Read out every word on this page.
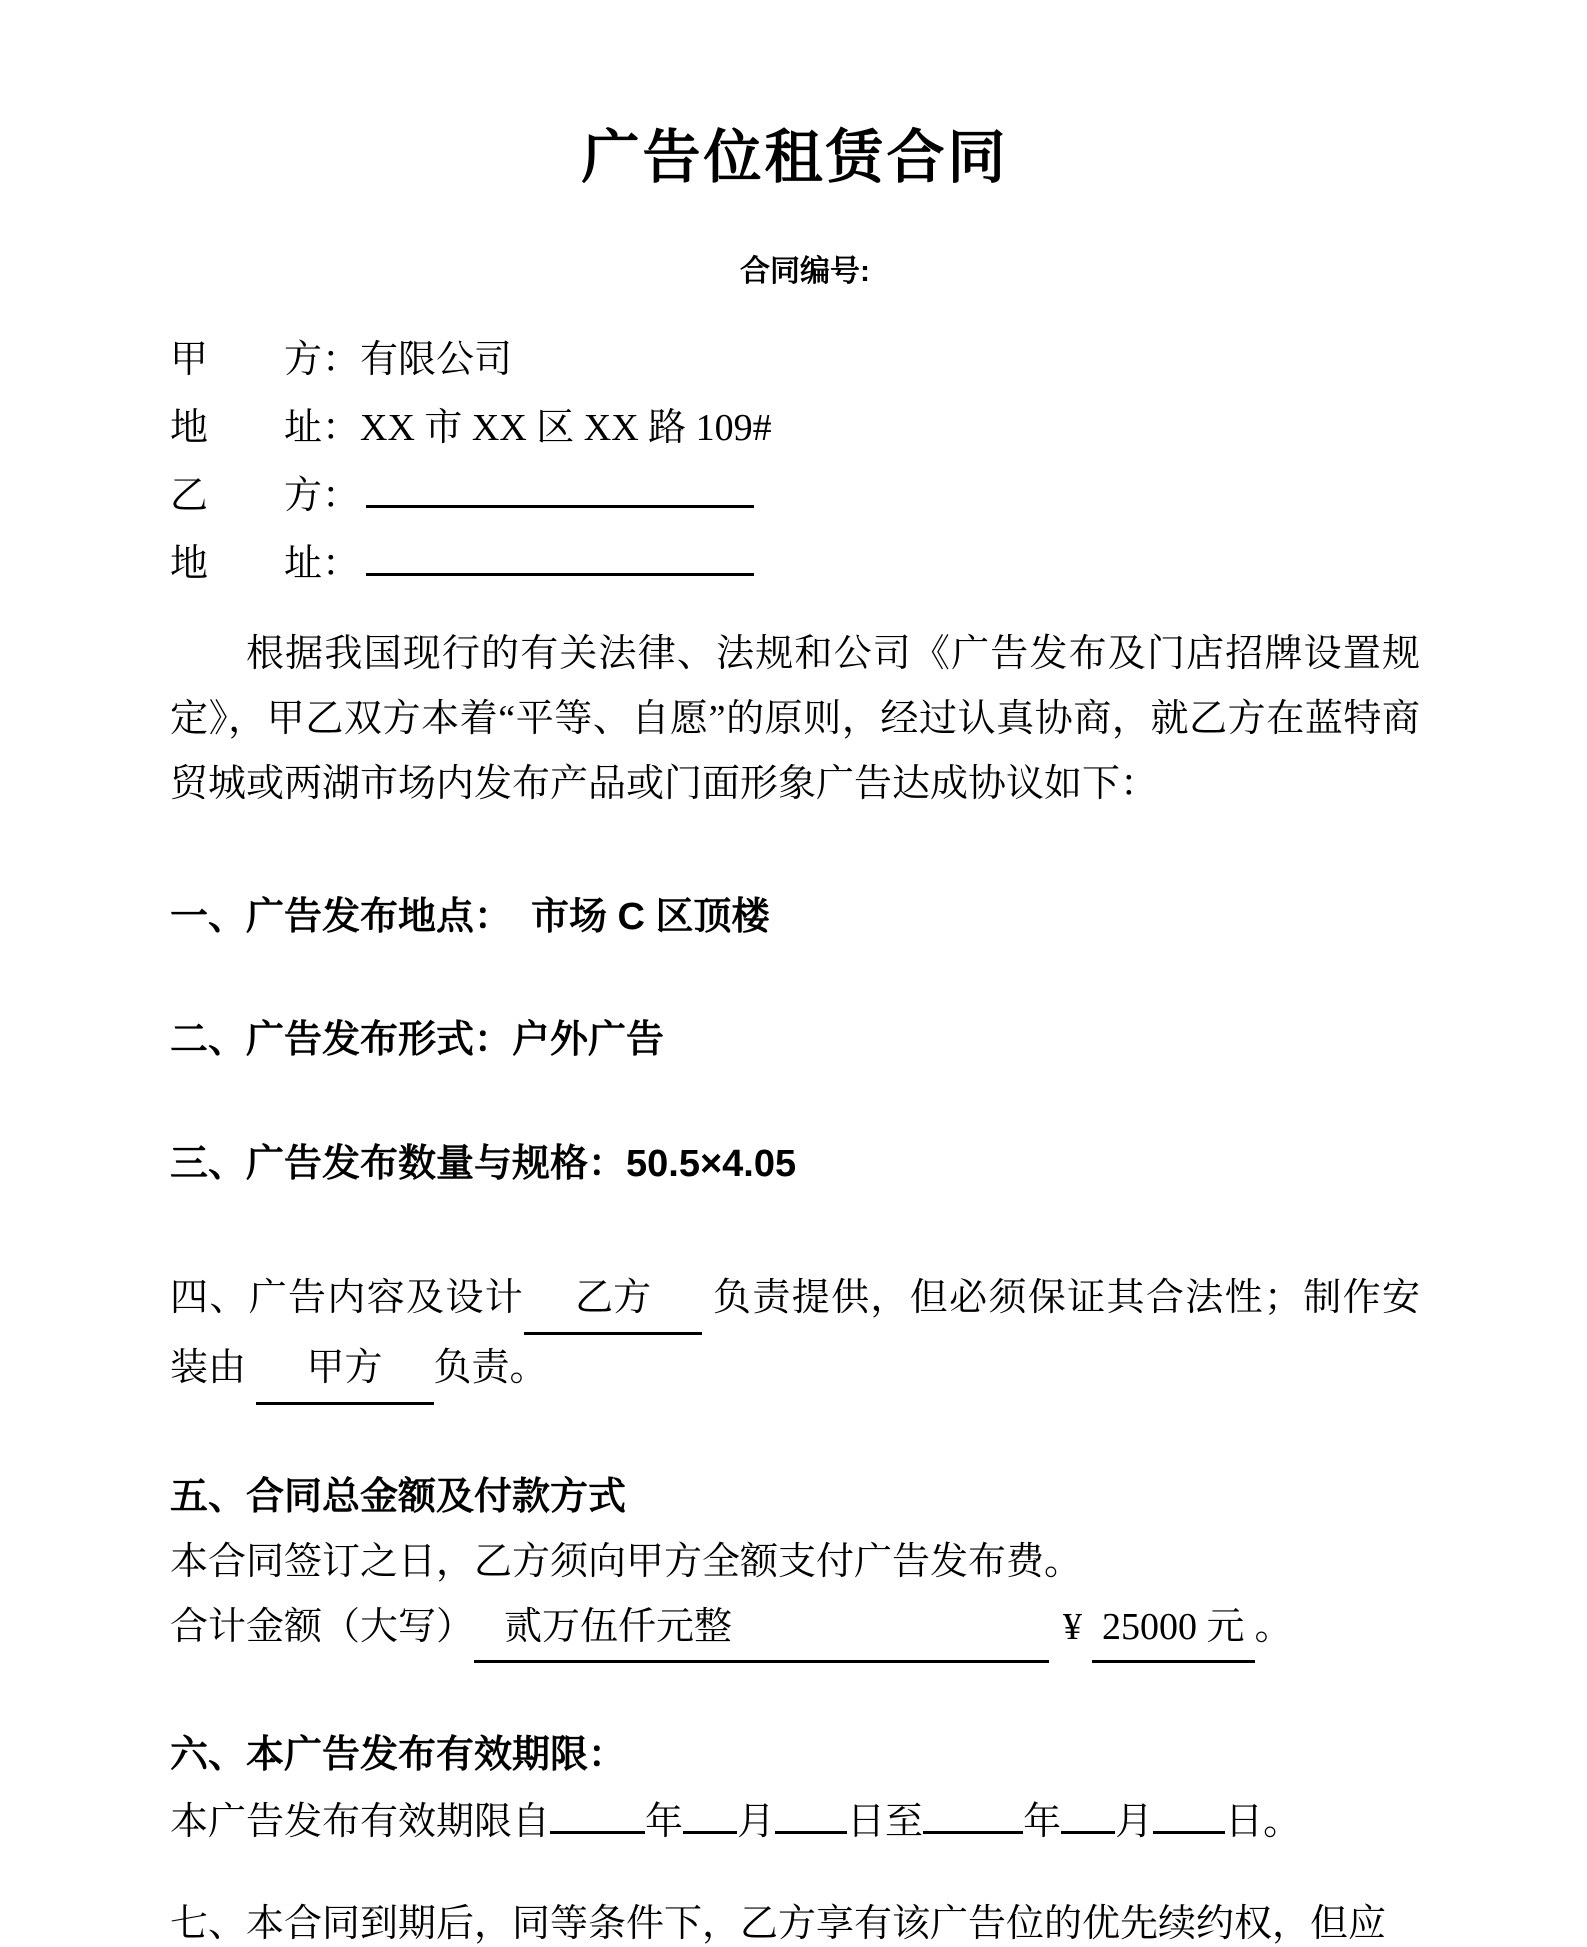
广告位租赁合同
合同编号:
甲　　方：有限公司
地　　址：XX 市 XX 区 XX 路 109#
乙　　方：
地　　址：

根据我国现行的有关法律、法规和公司《广告发布及门店招牌设置规定》，甲乙双方本着“平等、自愿”的原则，经过认真协商，就乙方在蓝特商贸城或两湖市场内发布产品或门面形象广告达成协议如下：

一、广告发布地点：　市场 C 区顶楼
二、广告发布形式：户外广告
三、广告发布数量与规格：50.5×4.05
四、广告内容及设计 乙方 负责提供，但必须保证其合法性；制作安装由 甲方 负责。
五、合同总金额及付款方式
本合同签订之日，乙方须向甲方全额支付广告发布费。
合计金额（大写） 贰万伍仟元整	¥ 25000 元 。
六、本广告发布有效期限：
本广告发布有效期限自	年 月 日至	年 月 日。
七、本合同到期后，同等条件下，乙方享有该广告位的优先续约权，但应
